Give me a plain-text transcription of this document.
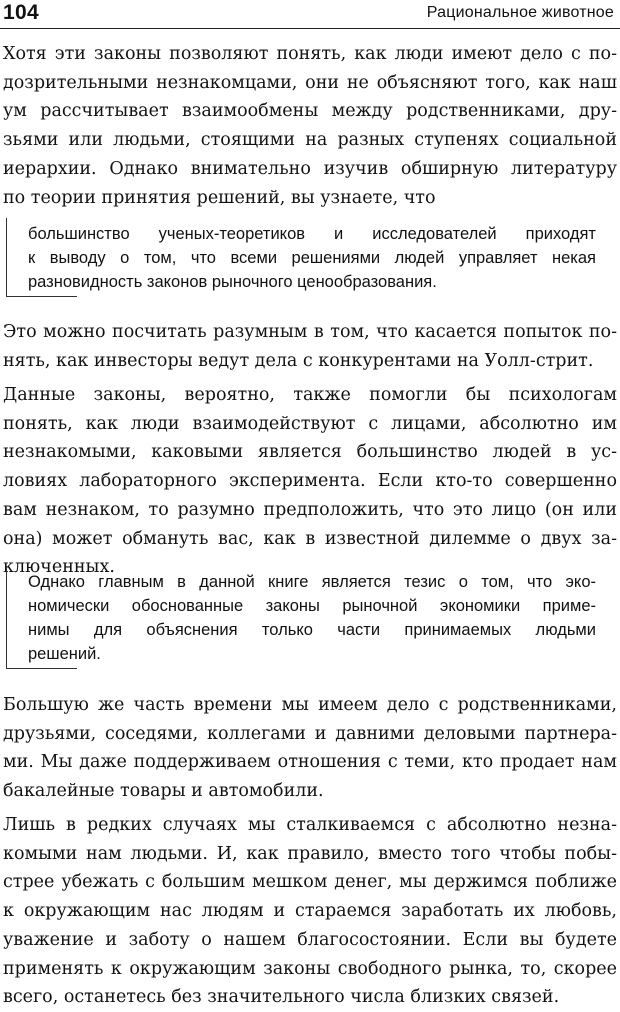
104	Рациональное животное
Хотя эти законы позволяют понять, как люди имеют дело с по-
дозрительными незнакомцами, они не объясняют того, как наш
ум рассчитывает взаимообмены между родственниками, дру-
зьями или людьми, стоящими на разных ступенях социальной
иерархии. Однако внимательно изучив обширную литературу
по теории принятия решений, вы узнаете, что
большинство ученых-теоретиков и исследователей приходят
к выводу о том, что всеми решениями людей управляет некая
разновидность законов рыночного ценообразования.
Это можно посчитать разумным в том, что касается попыток по-
нять, как инвесторы ведут дела с конкурентами на Уолл-стрит.
Данные законы, вероятно, также помогли бы психологам
понять, как люди взаимодействуют с лицами, абсолютно им
незнакомыми, каковыми является большинство людей в ус-
ловиях лабораторного эксперимента. Если кто-то совершенно
вам незнаком, то разумно предположить, что это лицо (он или
она) может обмануть вас, как в известной дилемме о двух за-
ключенных.
Однако главным в данной книге является тезис о том, что эко-
номически обоснованные законы рыночной экономики приме-
нимы для объяснения только части принимаемых людьми
решений.
Большую же часть времени мы имеем дело с родственниками,
друзьями, соседями, коллегами и давними деловыми партнера-
ми. Мы даже поддерживаем отношения с теми, кто продает нам
бакалейные товары и автомобили.
Лишь в редких случаях мы сталкиваемся с абсолютно незна-
комыми нам людьми. И, как правило, вместо того чтобы побы-
стрее убежать с большим мешком денег, мы держимся поближе
к окружающим нас людям и стараемся заработать их любовь,
уважение и заботу о нашем благосостоянии. Если вы будете
применять к окружающим законы свободного рынка, то, скорее
всего, останетесь без значительного числа близких связей.
